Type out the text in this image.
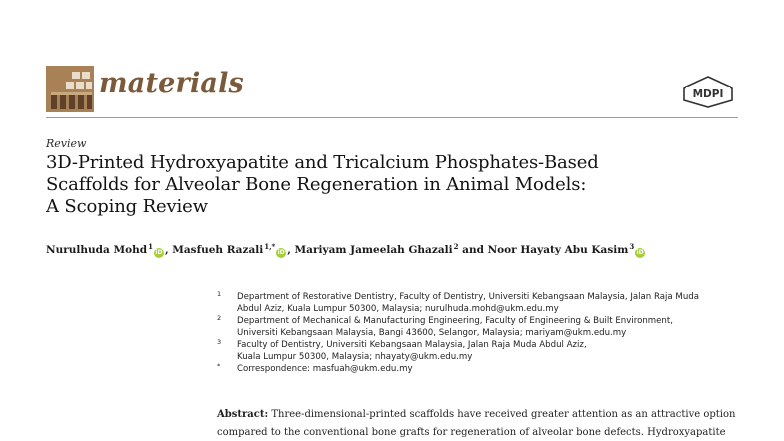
materials	MDPI
Review
3D-Printed Hydroxyapatite and Tricalcium Phosphates-Based
Scaffolds for Alveolar Bone Regeneration in Animal Models:
A Scoping Review
Nurulhuda Mohd$^1$iD , Masfueh Razali$^{1,*}$iD , Mariyam Jameelah Ghazali$^2$ and Noor Hayaty Abu Kasim$^3$iD
1 Department of Restorative Dentistry, Faculty of Dentistry, Universiti Kebangsaan Malaysia, Jalan Raja Muda
Abdul Aziz, Kuala Lumpur 50300, Malaysia; nurulhuda.mohd@ukm.edu.my
2 Department of Mechanical & Manufacturing Engineering, Faculty of Engineering & Built Environment,
Universiti Kebangsaan Malaysia, Bangi 43600, Selangor, Malaysia; mariyam@ukm.edu.my
3 Faculty of Dentistry, Universiti Kebangsaan Malaysia, Jalan Raja Muda Abdul Aziz,
Kuala Lumpur 50300, Malaysia; nhayaty@ukm.edu.my
* Correspondence: masfuah@ukm.edu.my
Abstract: Three-dimensional-printed scaffolds have received greater attention as an attractive option
compared to the conventional bone grafts for regeneration of alveolar bone defects. Hydroxyapatite
